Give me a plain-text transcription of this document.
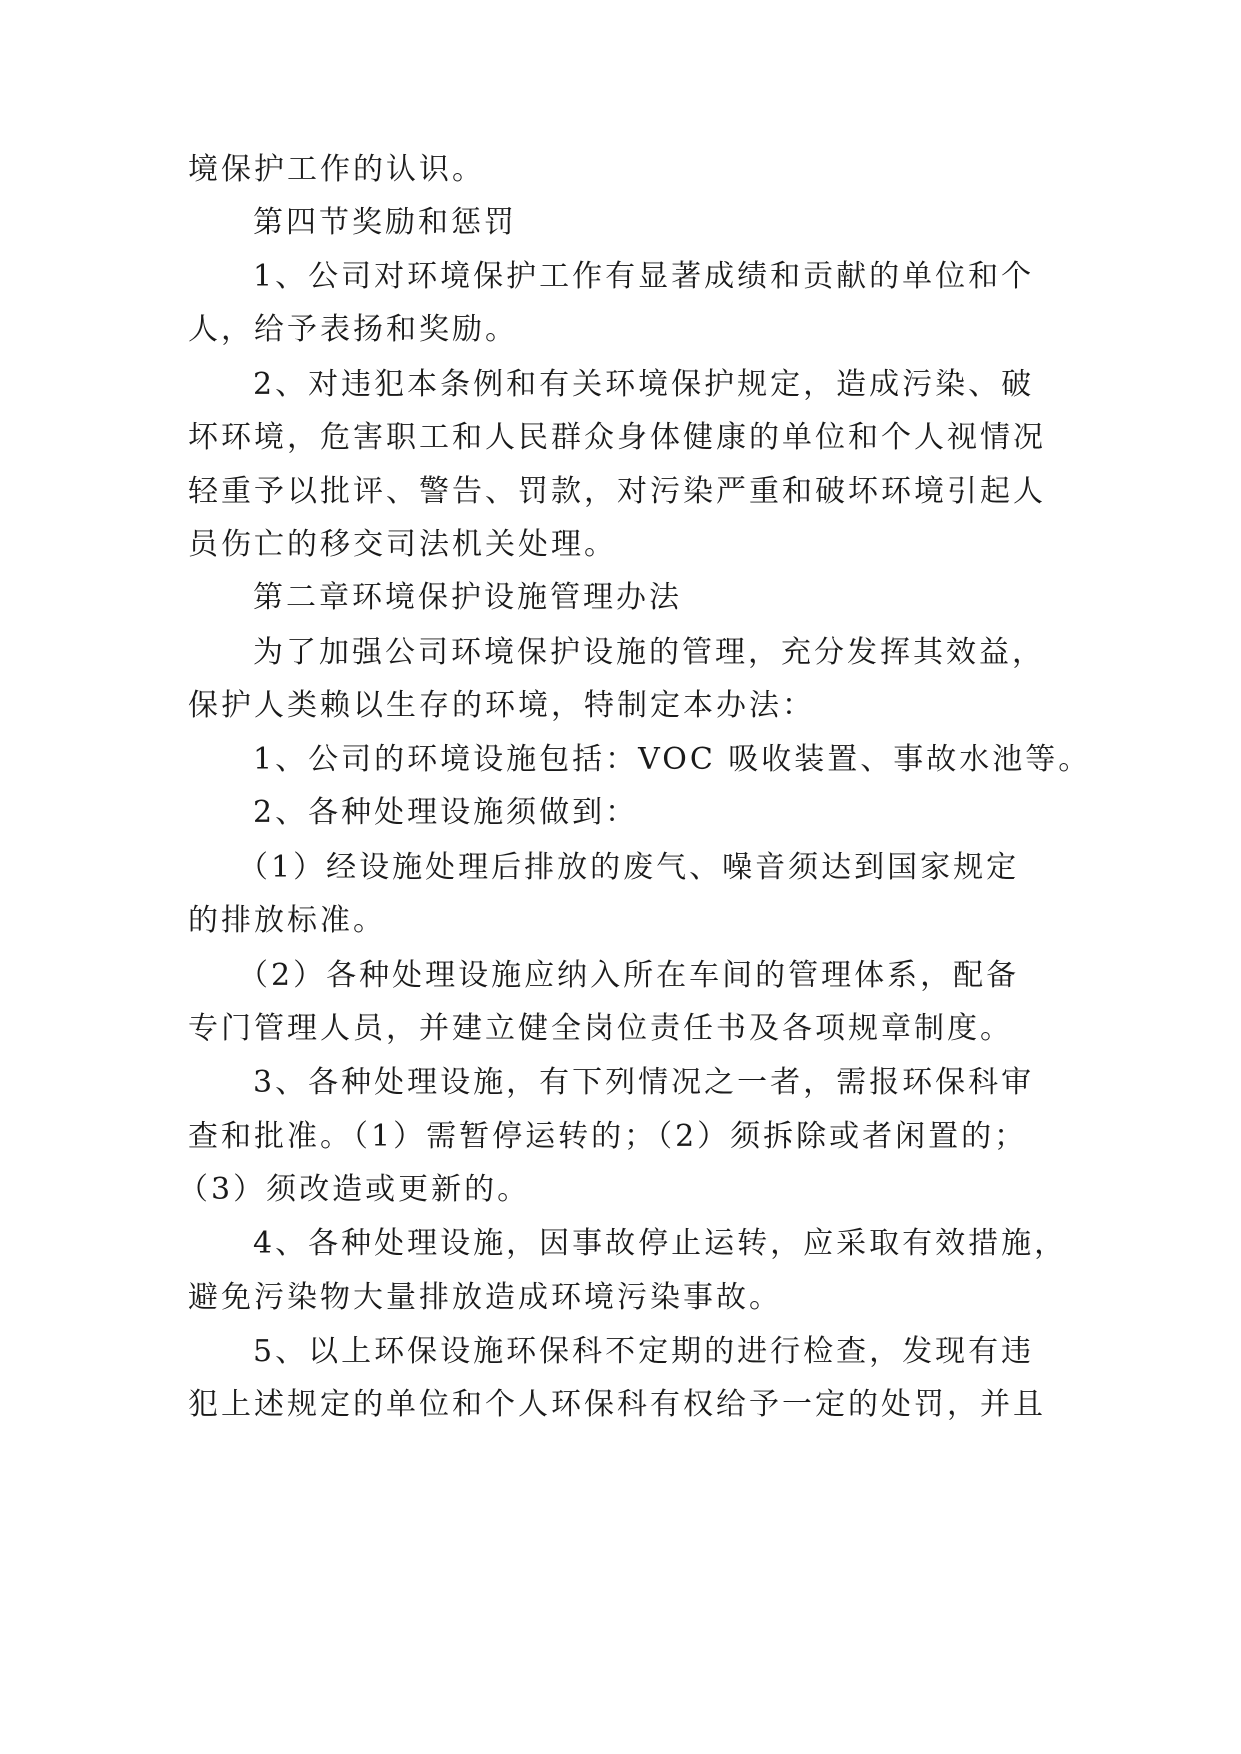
境保护工作的认识。
第四节奖励和惩罚
1、公司对环境保护工作有显著成绩和贡献的单位和个
人，给予表扬和奖励。
2、对违犯本条例和有关环境保护规定，造成污染、破
坏环境，危害职工和人民群众身体健康的单位和个人视情况
轻重予以批评、警告、罚款，对污染严重和破坏环境引起人
员伤亡的移交司法机关处理。
第二章环境保护设施管理办法
为了加强公司环境保护设施的管理，充分发挥其效益，
保护人类赖以生存的环境，特制定本办法：
1、公司的环境设施包括：VOC 吸收装置、事故水池等。
2、各种处理设施须做到：
（1）经设施处理后排放的废气、噪音须达到国家规定
的排放标准。
（2）各种处理设施应纳入所在车间的管理体系，配备
专门管理人员，并建立健全岗位责任书及各项规章制度。
3、各种处理设施，有下列情况之一者，需报环保科审
查和批准。（1）需暂停运转的；（2）须拆除或者闲置的；
（3）须改造或更新的。
4、各种处理设施，因事故停止运转，应采取有效措施，
避免污染物大量排放造成环境污染事故。
5、以上环保设施环保科不定期的进行检查，发现有违
犯上述规定的单位和个人环保科有权给予一定的处罚，并且
